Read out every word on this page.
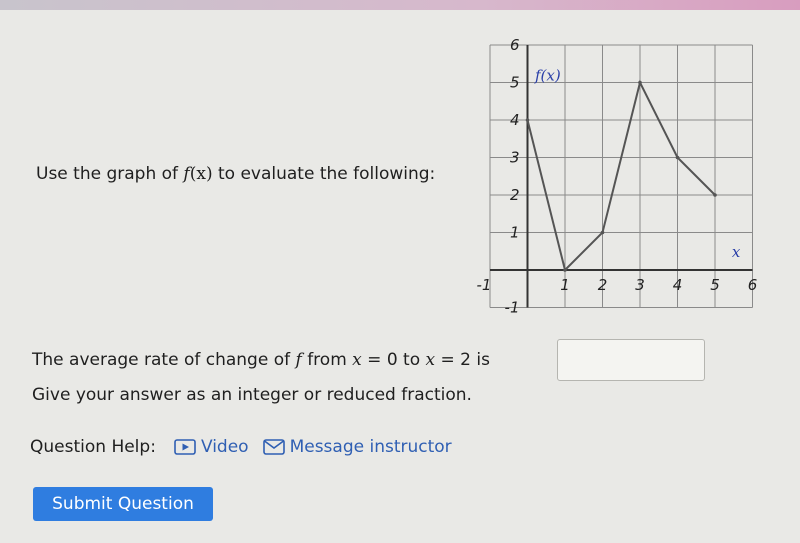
Use the graph of f(x) to evaluate the following:
-1	1 2 3 4 5 6
6
5
4
3
2
1
-1
f(x)
x
The average rate of change of f from x = 0 to x = 2 is
Give your answer as an integer or reduced fraction.
Question Help:	Video Message instructor
Submit Question
